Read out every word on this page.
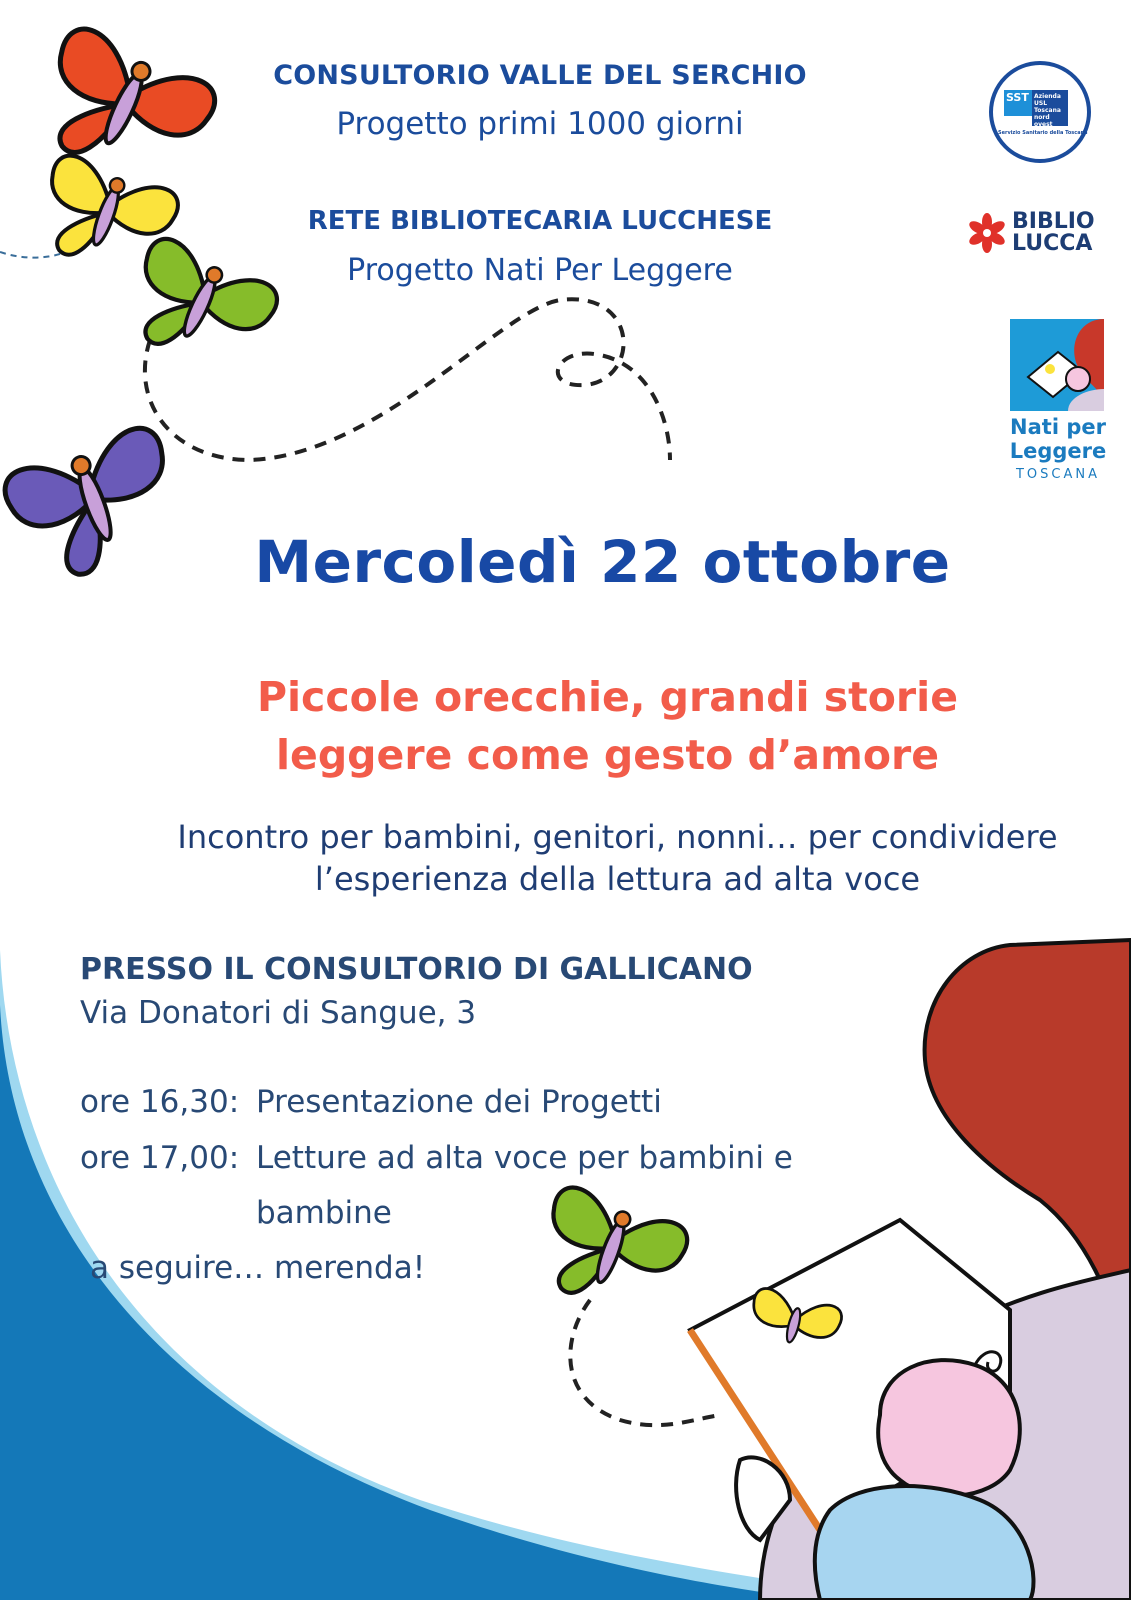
CONSULTORIO VALLE DEL SERCHIO
Progetto primi 1000 giorni
RETE BIBLIOTECARIA LUCCHESE
Progetto Nati Per Leggere
SST Azienda USL Toscana nord ovest
Servizio Sanitario della Toscana
BIBLIO
LUCCA
Nati per
Leggere
TOSCANA
Mercoledì 22 ottobre
Piccole orecchie, grandi storie
leggere come gesto d’amore
Incontro per bambini, genitori, nonni… per condividere
l’esperienza della lettura ad alta voce
PRESSO IL CONSULTORIO DI GALLICANO
Via Donatori di Sangue, 3
ore 16,30: Presentazione dei Progetti
ore 17,00: Letture ad alta voce per bambini e
bambine
a seguire… merenda!
